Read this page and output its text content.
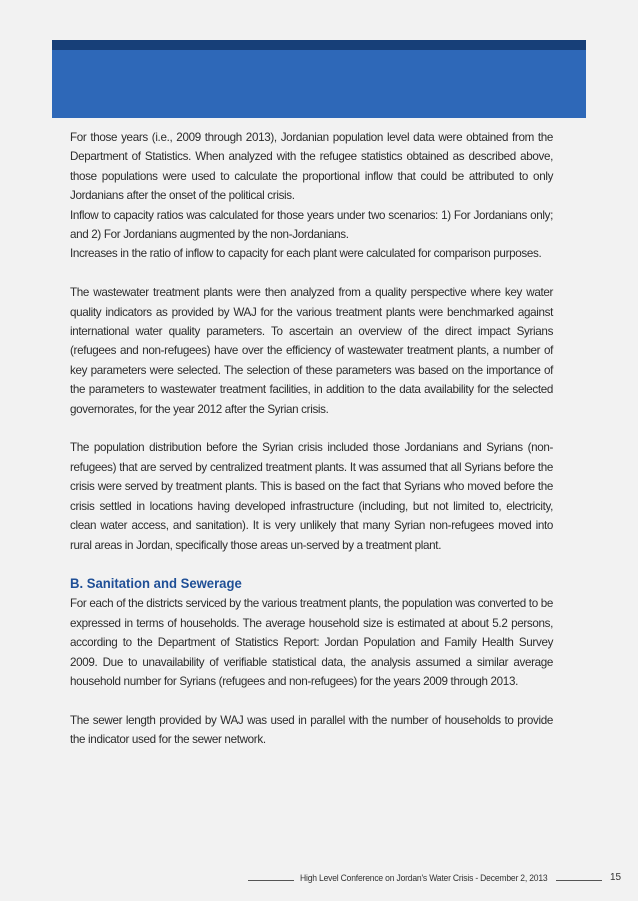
For those years (i.e., 2009 through 2013), Jordanian population level data were obtained from the Department of Statistics. When analyzed with the refugee statistics obtained as described above, those populations were used to calculate the proportional inflow that could be attributed to only Jordanians after the onset of the political crisis.

Inflow to capacity ratios was calculated for those years under two scenarios: 1) For Jordanians only; and 2) For Jordanians augmented by the non-Jordanians.

Increases in the ratio of inflow to capacity for each plant were calculated for comparison purposes.

The wastewater treatment plants were then analyzed from a quality perspective where key water quality indicators as provided by WAJ for the various treatment plants were benchmarked against international water quality parameters. To ascertain an overview of the direct impact Syrians (refugees and non-refugees) have over the efficiency of wastewater treatment plants, a number of key parameters were selected. The selection of these parameters was based on the importance of the parameters to wastewater treatment facilities, in addition to the data availability for the selected governorates, for the year 2012 after the Syrian crisis.

The population distribution before the Syrian crisis included those Jordanians and Syrians (non-refugees) that are served by centralized treatment plants. It was assumed that all Syrians before the crisis were served by treatment plants. This is based on the fact that Syrians who moved before the crisis settled in locations having developed infrastructure (including, but not limited to, electricity, clean water access, and sanitation). It is very unlikely that many Syrian non-refugees moved into rural areas in Jordan, specifically those areas un-served by a treatment plant.

B. Sanitation and Sewerage

For each of the districts serviced by the various treatment plants, the population was converted to be expressed in terms of households. The average household size is estimated at about 5.2 persons, according to the Department of Statistics Report: Jordan Population and Family Health Survey 2009. Due to unavailability of verifiable statistical data, the analysis assumed a similar average household number for Syrians (refugees and non-refugees) for the years 2009 through 2013.

The sewer length provided by WAJ was used in parallel with the number of households to provide the indicator used for the sewer network.

High Level Conference on Jordan's Water Crisis - December 2, 2013	15
